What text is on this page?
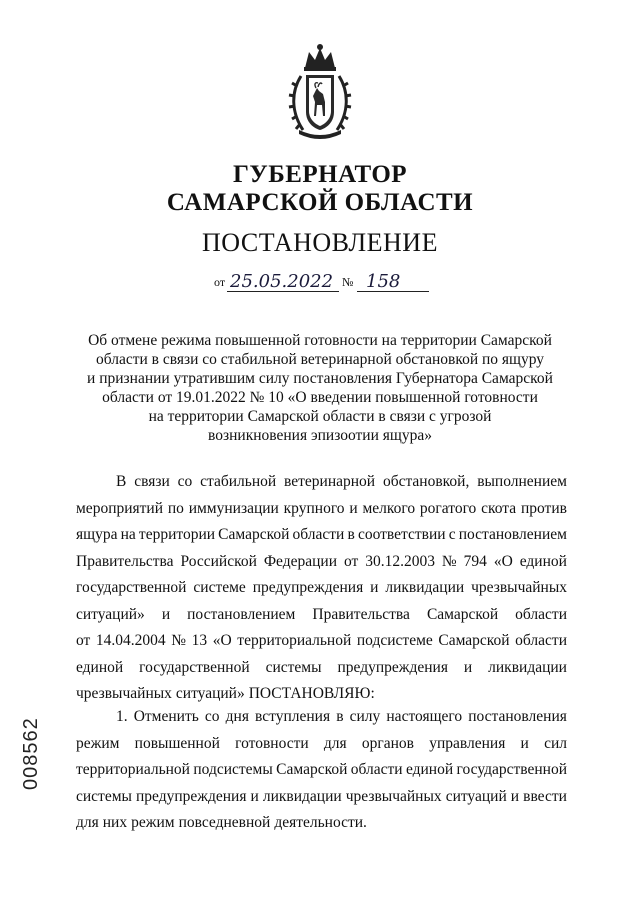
ГУБЕРНАТОР
САМАРСКОЙ ОБЛАСТИ
ПОСТАНОВЛЕНИЕ
от 25.05.2022 № 158
Об отмене режима повышенной готовности на территории Самарской
области в связи со стабильной ветеринарной обстановкой по ящуру
и признании утратившим силу постановления Губернатора Самарской
области от 19.01.2022 № 10 «О введении повышенной готовности
на территории Самарской области в связи с угрозой
возникновения эпизоотии ящура»
В связи со стабильной ветеринарной обстановкой, выполнением
мероприятий по иммунизации крупного и мелкого рогатого скота против
ящура на территории Самарской области в соответствии с постановлением
Правительства Российской Федерации от 30.12.2003 № 794 «О единой
государственной системе предупреждения и ликвидации чрезвычайных
ситуаций» и постановлением Правительства Самарской области
от 14.04.2004 № 13 «О территориальной подсистеме Самарской области
единой государственной системы предупреждения и ликвидации
чрезвычайных ситуаций» ПОСТАНОВЛЯЮ:
1. Отменить со дня вступления в силу настоящего постановления
режим повышенной готовности для органов управления и сил
территориальной подсистемы Самарской области единой государственной
системы предупреждения и ликвидации чрезвычайных ситуаций и ввести
для них режим повседневной деятельности.
008562
